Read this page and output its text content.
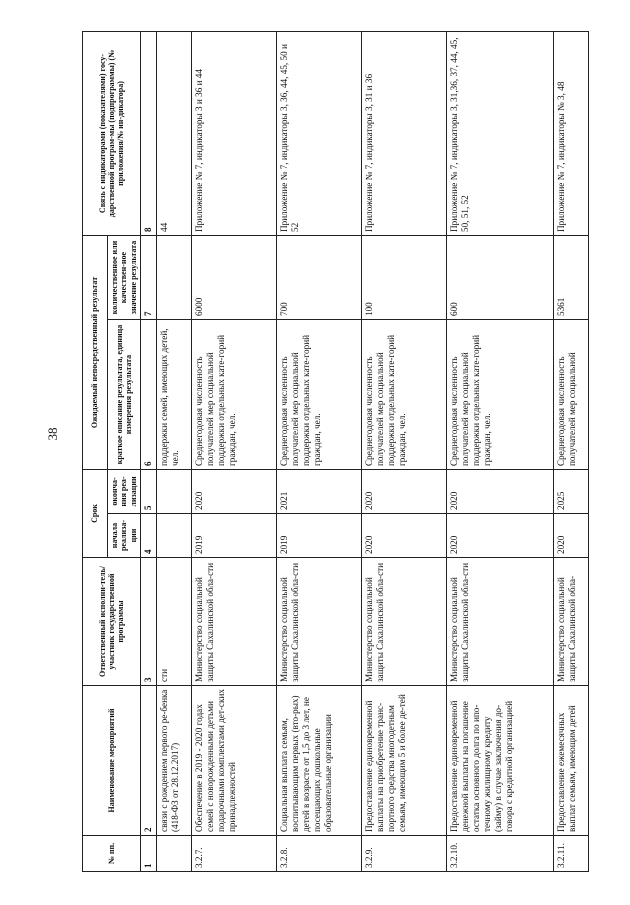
38
№ пп.	Наименование мероприятий	Ответственный исполни-тель/участник государственной программы	Срок		Ожидаемый непосредственный результат		Связь с индикаторами (показателями) госу-дарственной програм-мы (подпрограммы) (№ приложения/№ ин-дикатора)
			начала реализа-ции	оконча-ния реа-лизации	краткое описание результата, единица измерения результата	количественное или качествен-ное значение результата	
1	2	3	4	5	6	7	8
	связи с рождением первого ре-бенка (418-ФЗ от 28.12.2017)	сти			поддержки семей, имеющих детей, чел.		44
3.2.7.	Обеспечение в 2019 - 2020 годах семей с новорожденными детьми подарочными комплектами дет-ских принадлежностей	Министерство социальной защиты Сахалинской обла-сти	2019	2020	Среднегодовая численность получателей мер социальной поддержки отдельных кате-горий граждан, чел.	6000	Приложение № 7, индикаторы 3 и 36 и 44
3.2.8.	Социальная выплата семьям, воспитывающим первых (вто-рых) детей в возрасте от 1,5 до 3 лет, не посещающих дошкольные образовательные организации	Министерство социальной защиты Сахалинской обла-сти	2019	2021	Среднегодовая численность получателей мер социальной поддержки отдельных кате-горий граждан, чел.	700	Приложение № 7, индикаторы 3, 36, 44, 45, 50 и 52
3.2.9.	Предоставление единовременной выплаты на приобретение транс-портного средства многодетным семьям, имеющим 5 и более де-тей	Министерство социальной защиты Сахалинской обла-сти	2020	2020	Среднегодовая численность получателей мер социальной поддержки отдельных кате-горий граждан, чел.	100	Приложение № 7, индикаторы 3, 31 и 36
3.2.10.	Предоставление единовременной денежной выплаты на погашение остатка основного долга по ипо-течному жилищному кредиту (займу) в случае заключения до-говора с кредитной организацией	Министерство социальной защиты Сахалинской обла-сти	2020	2020	Среднегодовая численность получателей мер социальной поддержки отдельных кате-горий граждан, чел.	600	Приложение № 7, индикаторы 3, 31,36, 37, 44, 45, 50, 51, 52
3.2.11.	Предоставление ежемесячных выплат семьям, имеющим детей	Министерство социальной защиты Сахалинской обла-	2020	2025	Среднегодовая численность получателей мер социальной	5361	Приложение № 7, индикаторы № 3, 48
